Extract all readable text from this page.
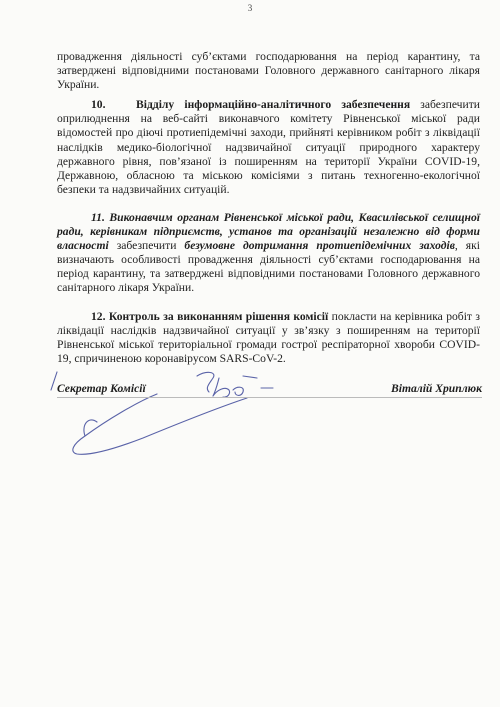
3

провадження діяльності суб’єктами господарювання на період карантину, та затверджені відповідними постановами Головного державного санітарного лікаря України.

10.	Відділу інформаційно-аналітичного забезпечення забезпечити оприлюднення на веб-сайті виконавчого комітету Рівненської міської ради відомостей про діючі протиепідемічні заходи, прийняті керівником робіт з ліквідації наслідків медико-біологічної надзвичайної ситуації природного характеру державного рівня, пов’язаної із поширенням на території України COVID-19, Державною, обласною та міською комісіями з питань техногенно-екологічної безпеки та надзвичайних ситуацій.

11. Виконавчим органам Рівненської міської ради, Квасилівської селищної ради, керівникам підприємств, установ та організацій незалежно від форми власності забезпечити безумовне дотримання протиепідемічних заходів, які визначають особливості провадження діяльності суб’єктами господарювання на період карантину, та затверджені відповідними постановами Головного державного санітарного лікаря України.

12. Контроль за виконанням рішення комісії покласти на керівника робіт з ліквідації наслідків надзвичайної ситуації у зв’язку з поширенням на території Рівненської міської територіальної громади гострої респіраторної хвороби COVID-19, спричиненою коронавірусом SARS-CoV-2.

Секретар Комісії	Віталій Хриплюк
